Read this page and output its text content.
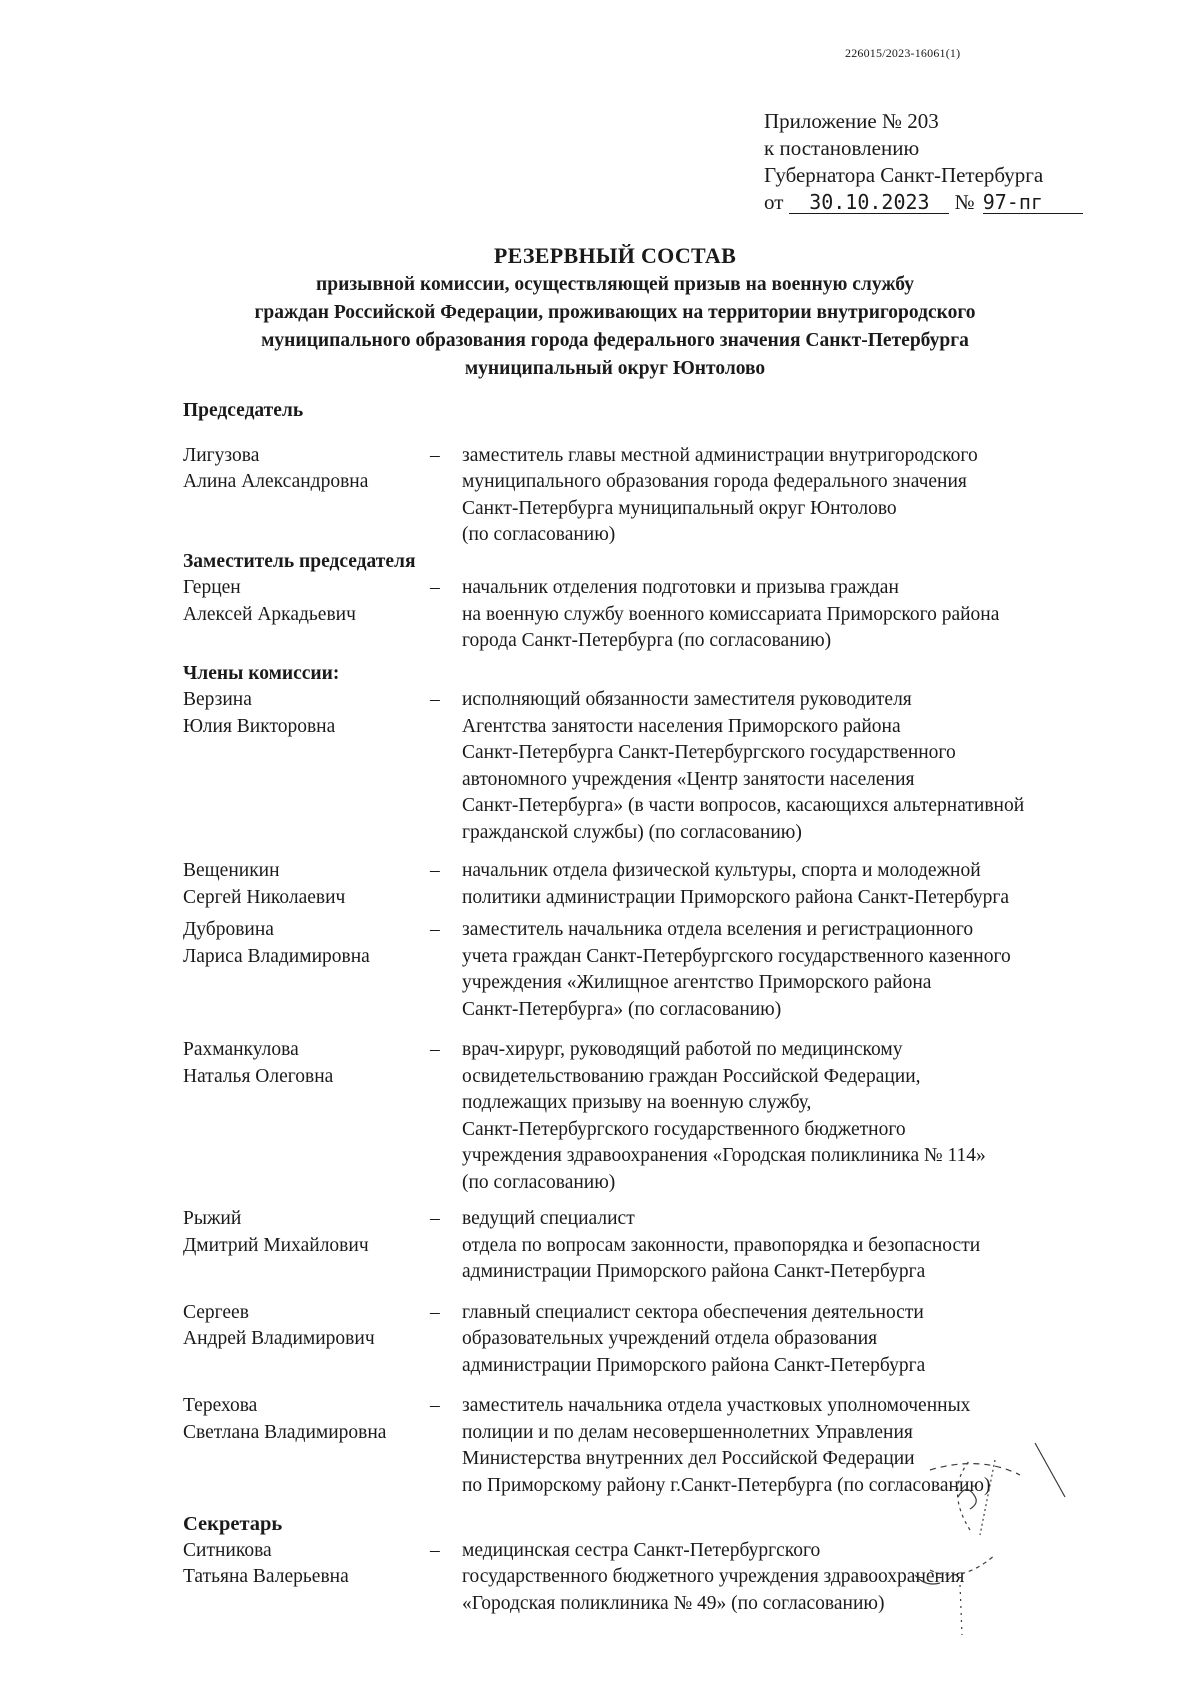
226015/2023-16061(1)
Приложение № 203
к постановлению
Губернатора Санкт-Петербурга
от 30.10.2023 № 97-пг
РЕЗЕРВНЫЙ СОСТАВ
призывной комиссии, осуществляющей призыв на военную службу
граждан Российской Федерации, проживающих на территории внутригородского
муниципального образования города федерального значения Санкт-Петербурга
муниципальный округ Юнтолово
Председатель
Лигузова
Алина Александровна
–	заместитель главы местной администрации внутригородского
муниципального образования города федерального значения
Санкт-Петербурга муниципальный округ Юнтолово
(по согласованию)
Заместитель председателя
Герцен
Алексей Аркадьевич
–	начальник отделения подготовки и призыва граждан
на военную службу военного комиссариата Приморского района
города Санкт-Петербурга (по согласованию)
Члены комиссии:
Верзина
Юлия Викторовна
–	исполняющий обязанности заместителя руководителя
Агентства занятости населения Приморского района
Санкт-Петербурга Санкт-Петербургского государственного
автономного учреждения «Центр занятости населения
Санкт-Петербурга» (в части вопросов, касающихся альтернативной
гражданской службы) (по согласованию)
Вещеникин
Сергей Николаевич
–	начальник отдела физической культуры, спорта и молодежной
политики администрации Приморского района Санкт-Петербурга
Дубровина
Лариса Владимировна
–	заместитель начальника отдела вселения и регистрационного
учета граждан Санкт-Петербургского государственного казенного
учреждения «Жилищное агентство Приморского района
Санкт-Петербурга» (по согласованию)
Рахманкулова
Наталья Олеговна
–	врач-хирург, руководящий работой по медицинскому
освидетельствованию граждан Российской Федерации,
подлежащих призыву на военную службу,
Санкт-Петербургского государственного бюджетного
учреждения здравоохранения «Городская поликлиника № 114»
(по согласованию)
Рыжий
Дмитрий Михайлович
–	ведущий специалист
отдела по вопросам законности, правопорядка и безопасности
администрации Приморского района Санкт-Петербурга
Сергеев
Андрей Владимирович
–	главный специалист сектора обеспечения деятельности
образовательных учреждений отдела образования
администрации Приморского района Санкт-Петербурга
Терехова
Светлана Владимировна
–	заместитель начальника отдела участковых уполномоченных
полиции и по делам несовершеннолетних Управления
Министерства внутренних дел Российской Федерации
по Приморскому району г.Санкт-Петербурга (по согласованию)
Секретарь
Ситникова
Татьяна Валерьевна
–	медицинская сестра Санкт-Петербургского
государственного бюджетного учреждения здравоохранения
«Городская поликлиника № 49» (по согласованию)
